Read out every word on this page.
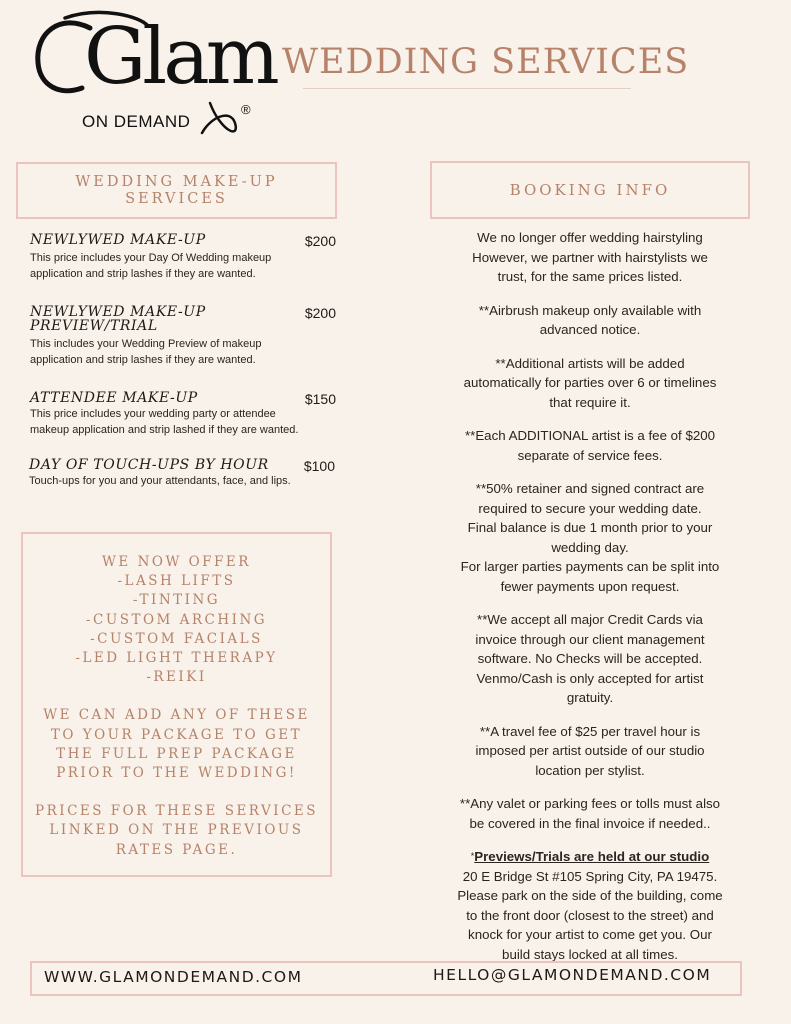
Glam
ON DEMAND
®
WEDDING SERVICES
WEDDING MAKE-UP
SERVICES	BOOKING INFO
NEWLYWED MAKE-UP	$200
This price includes your Day Of Wedding makeup
application and strip lashes if they are wanted.
NEWLYWED MAKE-UP
PREVIEW/TRIAL
$200
This includes your Wedding Preview of makeup
application and strip lashes if they are wanted.
ATTENDEE MAKE-UP	$150
This price includes your wedding party or attendee
makeup application and strip lashed if they are wanted.
DAY OF TOUCH-UPS BY HOUR	$100
Touch-ups for you and your attendants, face, and lips.

WE NOW OFFER

-LASH LIFTS

-TINTING

-CUSTOM ARCHING

-CUSTOM FACIALS

-LED LIGHT THERAPY

-REIKI

WE CAN ADD ANY OF THESE

TO YOUR PACKAGE TO GET

THE FULL PREP PACKAGE

PRIOR TO THE WEDDING!

PRICES FOR THESE SERVICES

LINKED ON THE PREVIOUS

RATES PAGE.

We no longer offer wedding hairstyling
However, we partner with hairstylists we
trust, for the same prices listed.

**Airbrush makeup only available with
advanced notice.

**Additional artists will be added
automatically for parties over 6 or timelines
that require it.

**Each ADDITIONAL artist is a fee of $200
separate of service fees.

**50% retainer and signed contract are
required to secure your wedding date.
Final balance is due 1 month prior to your
wedding day.
For larger parties payments can be split into
fewer payments upon request.

**We accept all major Credit Cards via
invoice through our client management
software. No Checks will be accepted.
Venmo/Cash is only accepted for artist
gratuity.

**A travel fee of $25 per travel hour is
imposed per artist outside of our studio
location per stylist.

**Any valet or parking fees or tolls must also
be covered in the final invoice if needed..

*Previews/Trials are held at our studio
20 E Bridge St #105 Spring City, PA 19475.
Please park on the side of the building, come
to the front door (closest to the street) and
knock for your artist to come get you. Our
build stays locked at all times.

WWW.GLAMONDEMAND.COM	HELLO@GLAMONDEMAND.COM
